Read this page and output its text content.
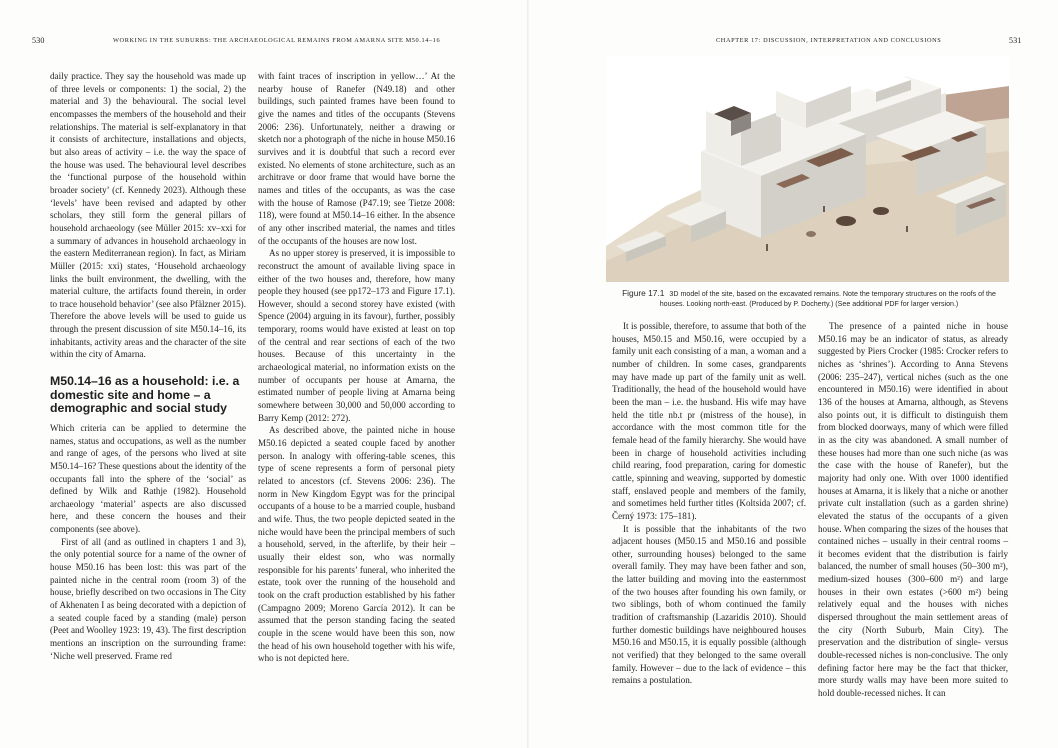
530	WORKING IN THE SUBURBS: THE ARCHAEOLOGICAL REMAINS FROM AMARNA SITE M50.14–16

daily practice. They say the household was made up of three levels or components: 1) the social, 2) the material and 3) the behavioural. The social level encompasses the members of the household and their relationships. The material is self-explanatory in that it consists of architecture, installations and objects, but also areas of activity – i.e. the way the space of the house was used. The behavioural level describes the ‘functional purpose of the household within broader society’ (cf. Kennedy 2023). Although these ‘levels’ have been revised and adapted by other scholars, they still form the general pillars of household archaeology (see Müller 2015: xv–xxi for a summary of advances in household archaeology in the eastern Mediterranean region). In fact, as Miriam Müller (2015: xxi) states, ‘Household archaeology links the built environment, the dwelling, with the material culture, the artifacts found therein, in order to trace household behavior’ (see also Pfälzner 2015). Therefore the above levels will be used to guide us through the present discussion of site M50.14–16, its inhabitants, activity areas and the character of the site within the city of Amarna.

M50.14–16 as a household: i.e. a domestic site and home – a demographic and social study

Which criteria can be applied to determine the names, status and occupations, as well as the number and range of ages, of the persons who lived at site M50.14–16? These questions about the identity of the occupants fall into the sphere of the ‘social’ as defined by Wilk and Rathje (1982). Household archaeology ‘material’ aspects are also discussed here, and these concern the houses and their components (see above).

First of all (and as outlined in chapters 1 and 3), the only potential source for a name of the owner of house M50.16 has been lost: this was part of the painted niche in the central room (room 3) of the house, briefly described on two occasions in The City of Akhenaten I as being decorated with a depiction of a seated couple faced by a standing (male) person (Peet and Woolley 1923: 19, 43). The first description mentions an inscription on the surrounding frame: ‘Niche well preserved. Frame red

with faint traces of inscription in yellow…’ At the nearby house of Ranefer (N49.18) and other buildings, such painted frames have been found to give the names and titles of the occupants (Stevens 2006: 236). Unfortunately, neither a drawing or sketch nor a photograph of the niche in house M50.16 survives and it is doubtful that such a record ever existed. No elements of stone architecture, such as an architrave or door frame that would have borne the names and titles of the occupants, as was the case with the house of Ramose (P47.19; see Tietze 2008: 118), were found at M50.14–16 either. In the absence of any other inscribed material, the names and titles of the occupants of the houses are now lost.

As no upper storey is preserved, it is impossible to reconstruct the amount of available living space in either of the two houses and, therefore, how many people they housed (see pp172–173 and Figure 17.1). However, should a second storey have existed (with Spence (2004) arguing in its favour), further, possibly temporary, rooms would have existed at least on top of the central and rear sections of each of the two houses. Because of this uncertainty in the archaeological material, no information exists on the number of occupants per house at Amarna, the estimated number of people living at Amarna being somewhere between 30,000 and 50,000 according to Barry Kemp (2012: 272).

As described above, the painted niche in house M50.16 depicted a seated couple faced by another person. In analogy with offering-table scenes, this type of scene represents a form of personal piety related to ancestors (cf. Stevens 2006: 236). The norm in New Kingdom Egypt was for the principal occupants of a house to be a married couple, husband and wife. Thus, the two people depicted seated in the niche would have been the principal members of such a household, served, in the afterlife, by their heir – usually their eldest son, who was normally responsible for his parents’ funeral, who inherited the estate, took over the running of the household and took on the craft production established by his father (Campagno 2009; Moreno García 2012). It can be assumed that the person standing facing the seated couple in the scene would have been this son, now the head of his own household together with his wife, who is not depicted here.

CHAPTER 17: DISCUSSION, INTERPRETATION AND CONCLUSIONS	531
Figure 17.1 3D model of the site, based on the excavated remains. Note the temporary structures on the roofs of the houses. Looking north-east. (Produced by P. Docherty.) (See additional PDF for larger version.)

It is possible, therefore, to assume that both of the houses, M50.15 and M50.16, were occupied by a family unit each consisting of a man, a woman and a number of children. In some cases, grandparents may have made up part of the family unit as well. Traditionally, the head of the household would have been the man – i.e. the husband. His wife may have held the title nb.t pr (mistress of the house), in accordance with the most common title for the female head of the family hierarchy. She would have been in charge of household activities including child rearing, food preparation, caring for domestic cattle, spinning and weaving, supported by domestic staff, enslaved people and members of the family, and sometimes held further titles (Koltsida 2007; cf. Černý 1973: 175–181).

It is possible that the inhabitants of the two adjacent houses (M50.15 and M50.16 and possible other, surrounding houses) belonged to the same overall family. They may have been father and son, the latter building and moving into the easternmost of the two houses after founding his own family, or two siblings, both of whom continued the family tradition of craftsmanship (Lazaridis 2010). Should further domestic buildings have neighboured houses M50.16 and M50.15, it is equally possible (although not verified) that they belonged to the same overall family. However – due to the lack of evidence – this remains a postulation.

The presence of a painted niche in house M50.16 may be an indicator of status, as already suggested by Piers Crocker (1985: Crocker refers to niches as ‘shrines’). According to Anna Stevens (2006: 235–247), vertical niches (such as the one encountered in M50.16) were identified in about 136 of the houses at Amarna, although, as Stevens also points out, it is difficult to distinguish them from blocked doorways, many of which were filled in as the city was abandoned. A small number of these houses had more than one such niche (as was the case with the house of Ranefer), but the majority had only one. With over 1000 identified houses at Amarna, it is likely that a niche or another private cult installation (such as a garden shrine) elevated the status of the occupants of a given house. When comparing the sizes of the houses that contained niches – usually in their central rooms – it becomes evident that the distribution is fairly balanced, the number of small houses (50–300 m²), medium-sized houses (300–600 m²) and large houses in their own estates (>600 m²) being relatively equal and the houses with niches dispersed throughout the main settlement areas of the city (North Suburb, Main City). The preservation and the distribution of single- versus double-recessed niches is non-conclusive. The only defining factor here may be the fact that thicker, more sturdy walls may have been more suited to hold double-recessed niches. It can
